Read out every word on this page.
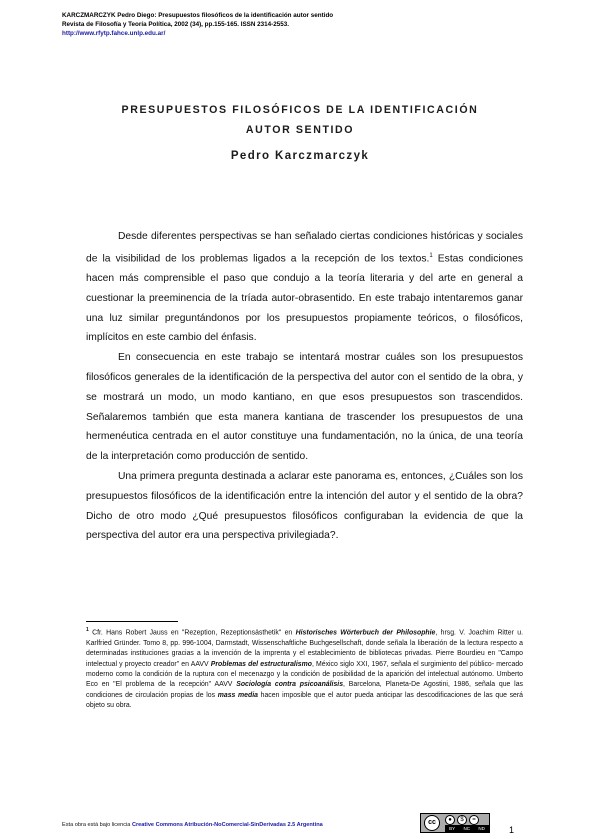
KARCZMARCZYK Pedro Diego: Presupuestos filosóficos de la identificación autor sentido
Revista de Filosofía y Teoría Política, 2002 (34), pp.155-165. ISSN 2314-2553.
http://www.rfytp.fahce.unlp.edu.ar/
PRESUPUESTOS FILOSÓFICOS DE LA IDENTIFICACIÓN
AUTOR SENTIDO
Pedro Karczmarczyk

Desde diferentes perspectivas se han señalado ciertas condiciones históricas y sociales de la visibilidad de los problemas ligados a la recepción de los textos.$^1$ Estas condiciones hacen más comprensible el paso que condujo a la teoría literaria y del arte en general a cuestionar la preeminencia de la tríada autor-obrasentido. En este trabajo intentaremos ganar una luz similar preguntándonos por los presupuestos propiamente teóricos, o filosóficos, implícitos en este cambio del énfasis.

En consecuencia en este trabajo se intentará mostrar cuáles son los presupuestos filosóficos generales de la identificación de la perspectiva del autor con el sentido de la obra, y se mostrará un modo, un modo kantiano, en que esos presupuestos son trascendidos. Señalaremos también que esta manera kantiana de trascender los presupuestos de una hermenéutica centrada en el autor constituye una fundamentación, no la única, de una teoría de la interpretación como producción de sentido.

Una primera pregunta destinada a aclarar este panorama es, entonces, ¿Cuáles son los presupuestos filosóficos de la identificación entre la intención del autor y el sentido de la obra? Dicho de otro modo ¿Qué presupuestos filosóficos configuraban la evidencia de que la perspectiva del autor era una perspectiva privilegiada?.

$^1$ Cfr. Hans Robert Jauss en "Rezeption, Rezeptionsästhetik" en Historisches Wörterbuch der Philosophie, hrsg. V. Joachim Ritter u. Karlfried Gründer. Tomo 8, pp. 996-1004, Darmstadt, Wissenschaftliche Buchgesellschaft, donde señala la liberación de la lectura respecto a determinadas instituciones gracias a la invención de la imprenta y el establecimiento de bibliotecas privadas. Pierre Bourdieu en "Campo intelectual y proyecto creador" en AAVV Problemas del estructuralismo, México siglo XXI, 1967, señala el surgimiento del público- mercado moderno como la condición de la ruptura con el mecenazgo y la condición de posibilidad de la aparición del intelectual autónomo. Umberto Eco en "El problema de la recepción" AAVV Sociología contra psicoanálisis, Barcelona, Planeta-De Agostini, 1986, señala que las condiciones de circulación propias de los mass media hacen imposible que el autor pueda anticipar las descodificaciones de las que será objeto su obra.
Esta obra está bajo licencia Creative Commons Atribución-NoComercial-SinDerivadas 2.5 Argentina	cc	●	$	=
BY NC ND	1
